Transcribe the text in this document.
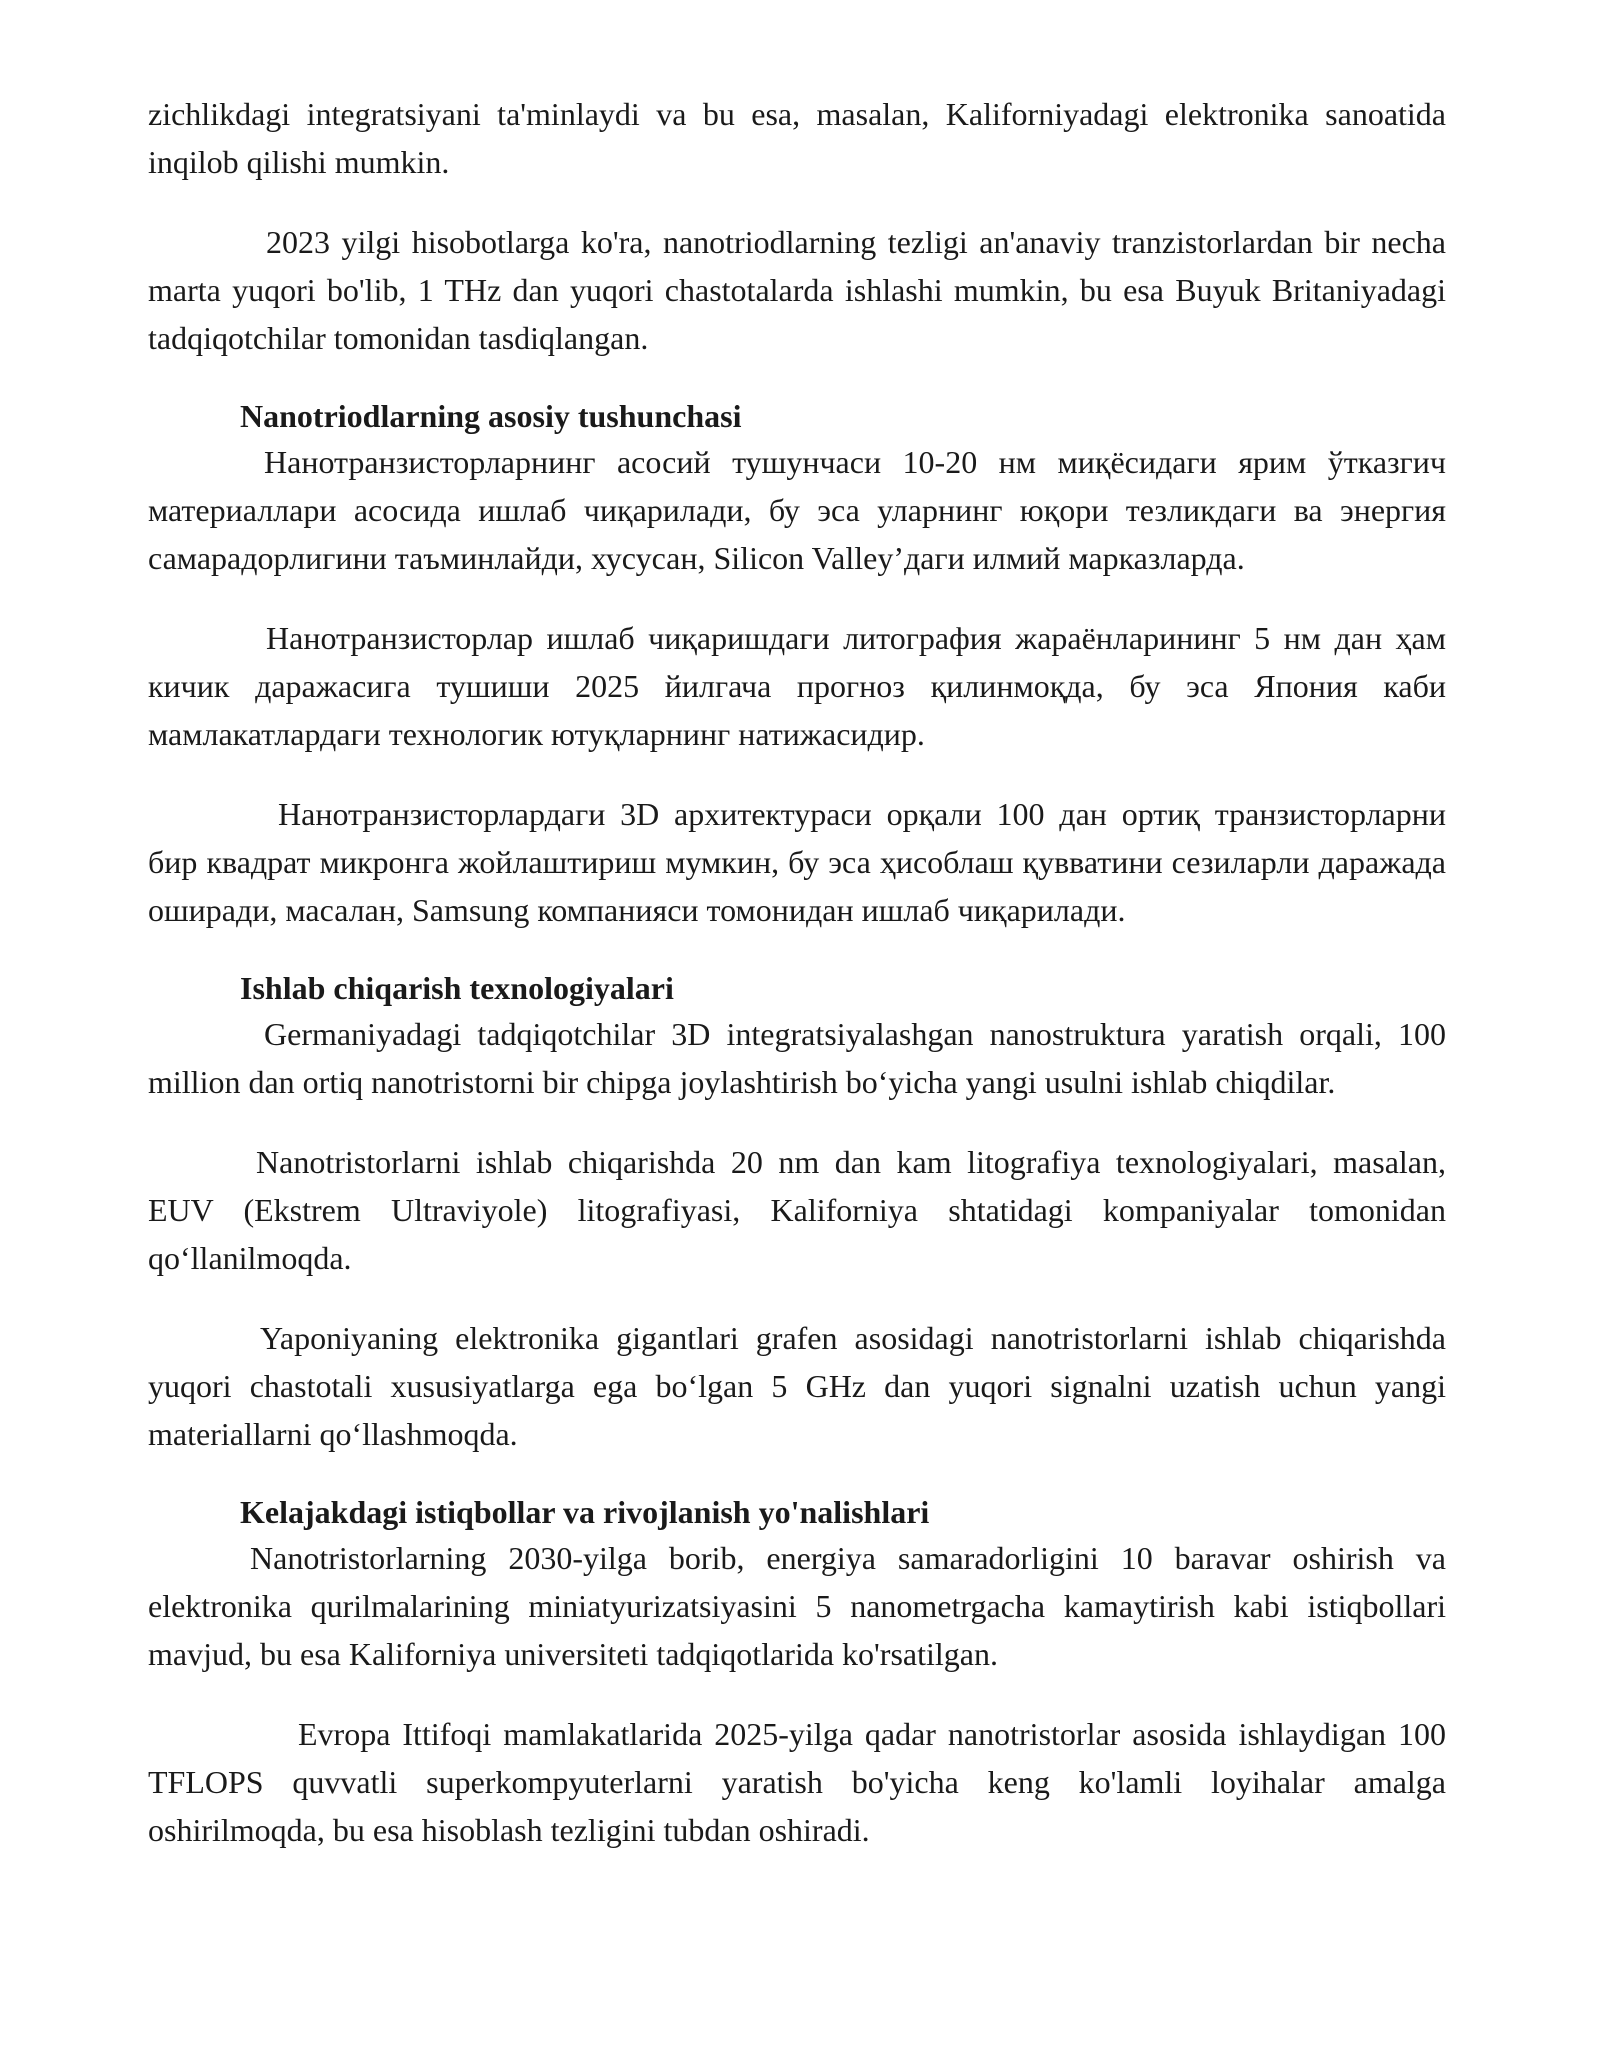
zichlikdagi integratsiyani ta'minlaydi va bu esa, masalan, Kaliforniyadagi elektronika sanoatida inqilob qilishi mumkin.

2023 yilgi hisobotlarga ko'ra, nanotriodlarning tezligi an'anaviy tranzistorlardan bir necha marta yuqori bo'lib, 1 THz dan yuqori chastotalarda ishlashi mumkin, bu esa Buyuk Britaniyadagi tadqiqotchilar tomonidan tasdiqlangan.

Nanotriodlarning asosiy tushunchasi

Нанотранзисторларнинг асосий тушунчаси 10-20 нм миқёсидаги ярим ўтказгич материаллари асосида ишлаб чиқарилади, бу эса уларнинг юқори тезликдаги ва энергия самарадорлигини таъминлайди, хусусан, Silicon Valley’даги илмий марказларда.

Нанотранзисторлар ишлаб чиқаришдаги литография жараёнларининг 5 нм дан ҳам кичик даражасига тушиши 2025 йилгача прогноз қилинмоқда, бу эса Япония каби мамлакатлардаги технологик ютуқларнинг натижасидир.

Нанотранзисторлардаги 3D архитектураси орқали 100 дан ортиқ транзисторларни бир квадрат микронга жойлаштириш мумкин, бу эса ҳисоблаш қувватини сезиларли даражада оширади, масалан, Samsung компанияси томонидан ишлаб чиқарилади.

Ishlab chiqarish texnologiyalari

Germaniyadagi tadqiqotchilar 3D integratsiyalashgan nanostruktura yaratish orqali, 100 million dan ortiq nanotristorni bir chipga joylashtirish boʻyicha yangi usulni ishlab chiqdilar.

Nanotristorlarni ishlab chiqarishda 20 nm dan kam litografiya texnologiyalari, masalan, EUV (Ekstrem Ultraviyole) litografiyasi, Kaliforniya shtatidagi kompaniyalar tomonidan qoʻllanilmoqda.

Yaponiyaning elektronika gigantlari grafen asosidagi nanotristorlarni ishlab chiqarishda yuqori chastotali xususiyatlarga ega boʻlgan 5 GHz dan yuqori signalni uzatish uchun yangi materiallarni qoʻllashmoqda.

Kelajakdagi istiqbollar va rivojlanish yo'nalishlari

Nanotristorlarning 2030-yilga borib, energiya samaradorligini 10 baravar oshirish va elektronika qurilmalarining miniatyurizatsiyasini 5 nanometrgacha kamaytirish kabi istiqbollari mavjud, bu esa Kaliforniya universiteti tadqiqotlarida ko'rsatilgan.

Evropa Ittifoqi mamlakatlarida 2025-yilga qadar nanotristorlar asosida ishlaydigan 100 TFLOPS quvvatli superkompyuterlarni yaratish bo'yicha keng ko'lamli loyihalar amalga oshirilmoqda, bu esa hisoblash tezligini tubdan oshiradi.
